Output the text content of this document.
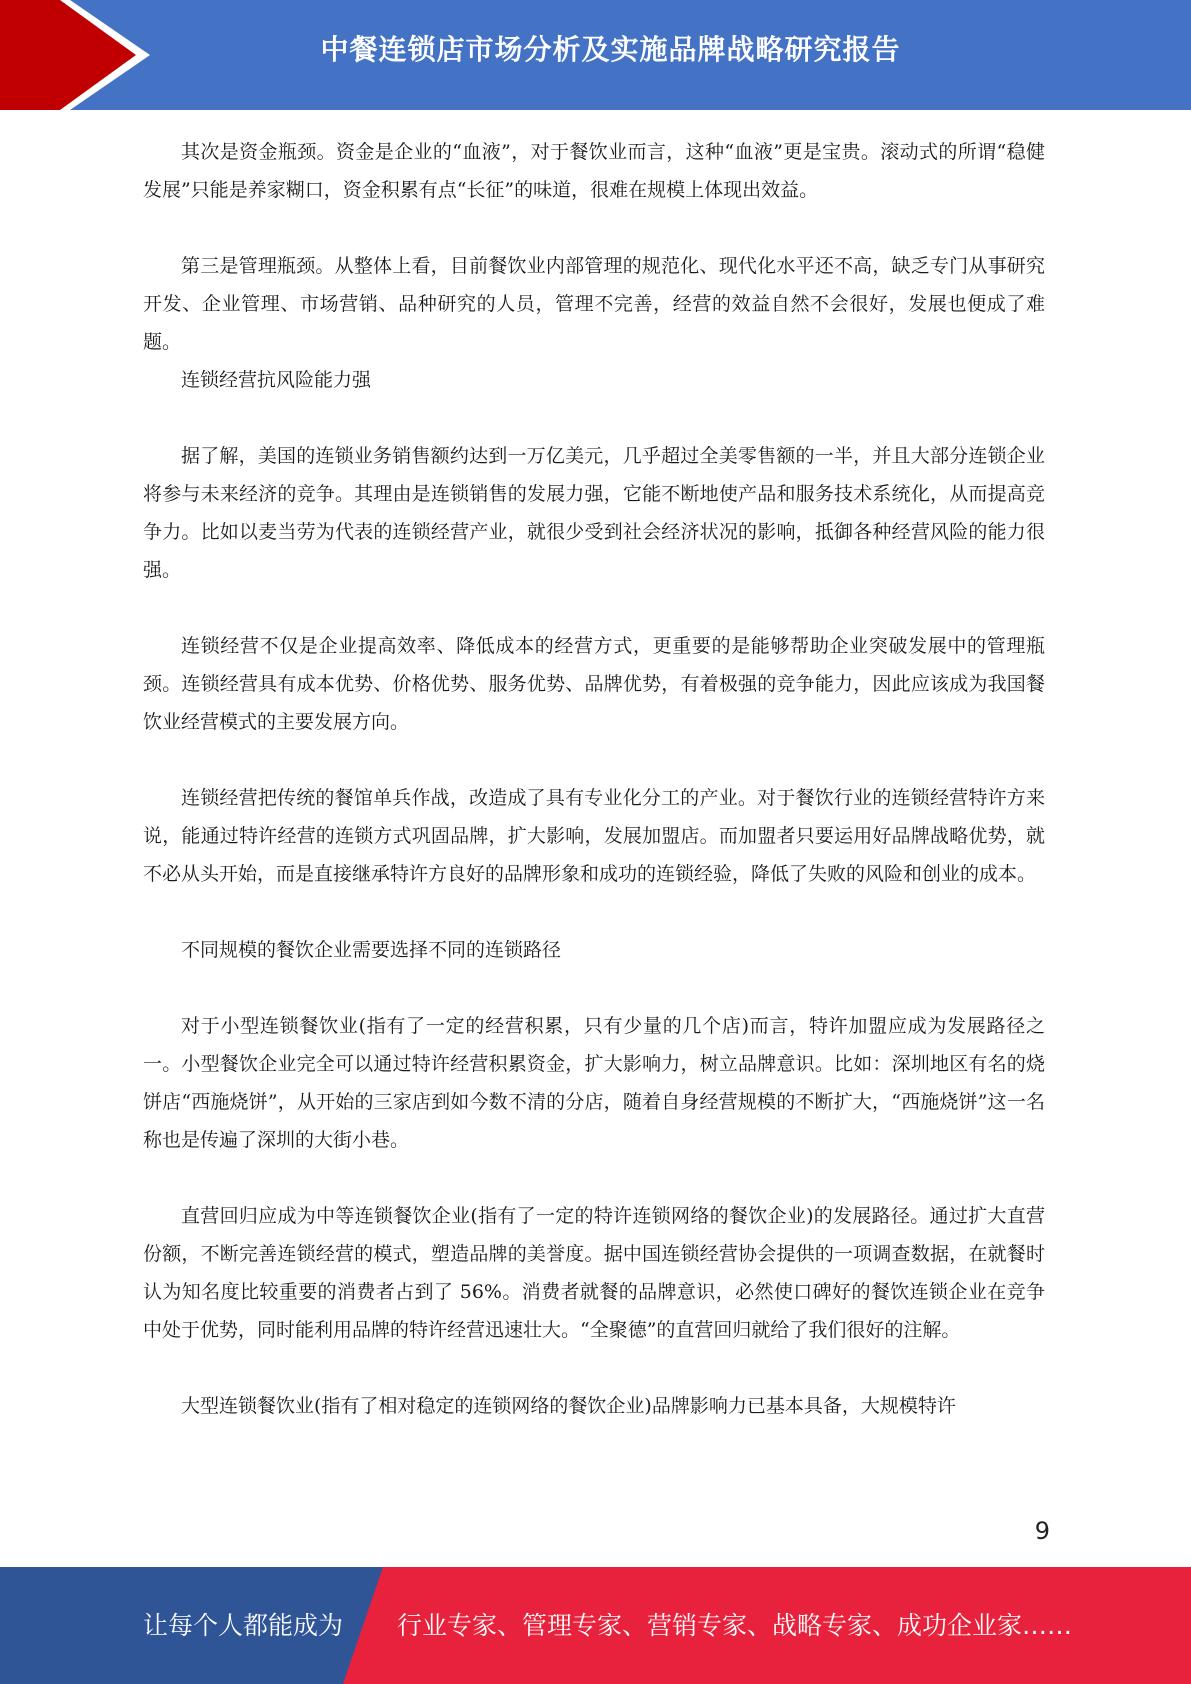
中餐连锁店市场分析及实施品牌战略研究报告

其次是资金瓶颈。资金是企业的“血液”，对于餐饮业而言，这种“血液”更是宝贵。滚动式的所谓“稳健发展”只能是养家糊口，资金积累有点“长征”的味道，很难在规模上体现出效益。

第三是管理瓶颈。从整体上看，目前餐饮业内部管理的规范化、现代化水平还不高，缺乏专门从事研究开发、企业管理、市场营销、品种研究的人员，管理不完善，经营的效益自然不会很好，发展也便成了难题。

连锁经营抗风险能力强

据了解，美国的连锁业务销售额约达到一万亿美元，几乎超过全美零售额的一半，并且大部分连锁企业将参与未来经济的竞争。其理由是连锁销售的发展力强，它能不断地使产品和服务技术系统化，从而提高竞争力。比如以麦当劳为代表的连锁经营产业，就很少受到社会经济状况的影响，抵御各种经营风险的能力很强。

连锁经营不仅是企业提高效率、降低成本的经营方式，更重要的是能够帮助企业突破发展中的管理瓶颈。连锁经营具有成本优势、价格优势、服务优势、品牌优势，有着极强的竞争能力，因此应该成为我国餐饮业经营模式的主要发展方向。

连锁经营把传统的餐馆单兵作战，改造成了具有专业化分工的产业。对于餐饮行业的连锁经营特许方来说，能通过特许经营的连锁方式巩固品牌，扩大影响，发展加盟店。而加盟者只要运用好品牌战略优势，就不必从头开始，而是直接继承特许方良好的品牌形象和成功的连锁经验，降低了失败的风险和创业的成本。

不同规模的餐饮企业需要选择不同的连锁路径

对于小型连锁餐饮业(指有了一定的经营积累，只有少量的几个店)而言，特许加盟应成为发展路径之一。小型餐饮企业完全可以通过特许经营积累资金，扩大影响力，树立品牌意识。比如：深圳地区有名的烧饼店“西施烧饼”，从开始的三家店到如今数不清的分店，随着自身经营规模的不断扩大，“西施烧饼”这一名称也是传遍了深圳的大街小巷。

直营回归应成为中等连锁餐饮企业(指有了一定的特许连锁网络的餐饮企业)的发展路径。通过扩大直营份额，不断完善连锁经营的模式，塑造品牌的美誉度。据中国连锁经营协会提供的一项调查数据，在就餐时认为知名度比较重要的消费者占到了 56%。消费者就餐的品牌意识，必然使口碑好的餐饮连锁企业在竞争中处于优势，同时能利用品牌的特许经营迅速壮大。“全聚德”的直营回归就给了我们很好的注解。

大型连锁餐饮业(指有了相对稳定的连锁网络的餐饮企业)品牌影响力已基本具备，大规模特许

9
让每个人都能成为 行业专家、管理专家、营销专家、战略专家、成功企业家……
